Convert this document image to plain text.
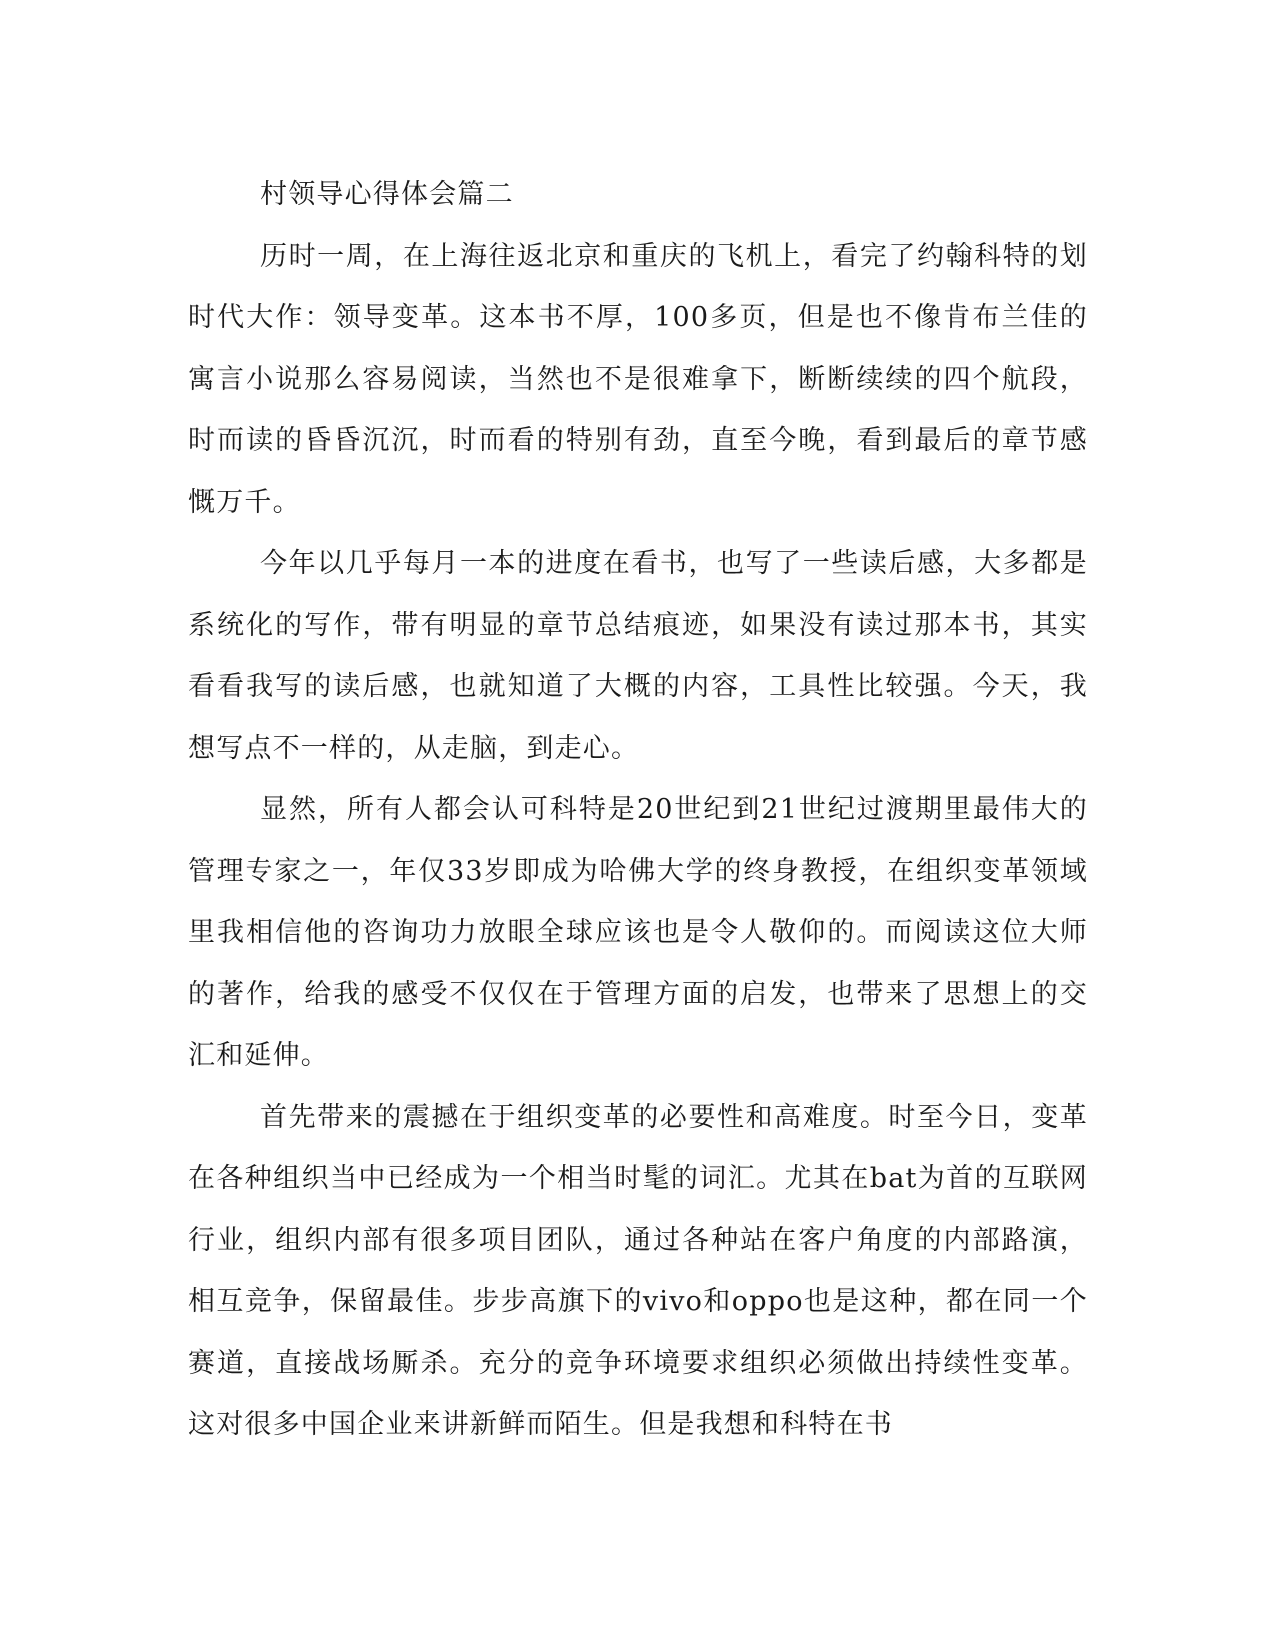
村领导心得体会篇二

历时一周，在上海往返北京和重庆的飞机上，看完了约翰科特的划时代大作：领导变革。这本书不厚，100多页，但是也不像肯布兰佳的寓言小说那么容易阅读，当然也不是很难拿下，断断续续的四个航段，时而读的昏昏沉沉，时而看的特别有劲，直至今晚，看到最后的章节感慨万千。

今年以几乎每月一本的进度在看书，也写了一些读后感，大多都是系统化的写作，带有明显的章节总结痕迹，如果没有读过那本书，其实看看我写的读后感，也就知道了大概的内容，工具性比较强。今天，我想写点不一样的，从走脑，到走心。

显然，所有人都会认可科特是20世纪到21世纪过渡期里最伟大的管理专家之一，年仅33岁即成为哈佛大学的终身教授，在组织变革领域里我相信他的咨询功力放眼全球应该也是令人敬仰的。而阅读这位大师的著作，给我的感受不仅仅在于管理方面的启发，也带来了思想上的交汇和延伸。

首先带来的震撼在于组织变革的必要性和高难度。时至今日，变革在各种组织当中已经成为一个相当时髦的词汇。尤其在bat为首的互联网行业，组织内部有很多项目团队，通过各种站在客户角度的内部路演，相互竞争，保留最佳。步步高旗下的vivo和oppo也是这种，都在同一个赛道，直接战场厮杀。充分的竞争环境要求组织必须做出持续性变革。这对很多中国企业来讲新鲜而陌生。但是我想和科特在书
